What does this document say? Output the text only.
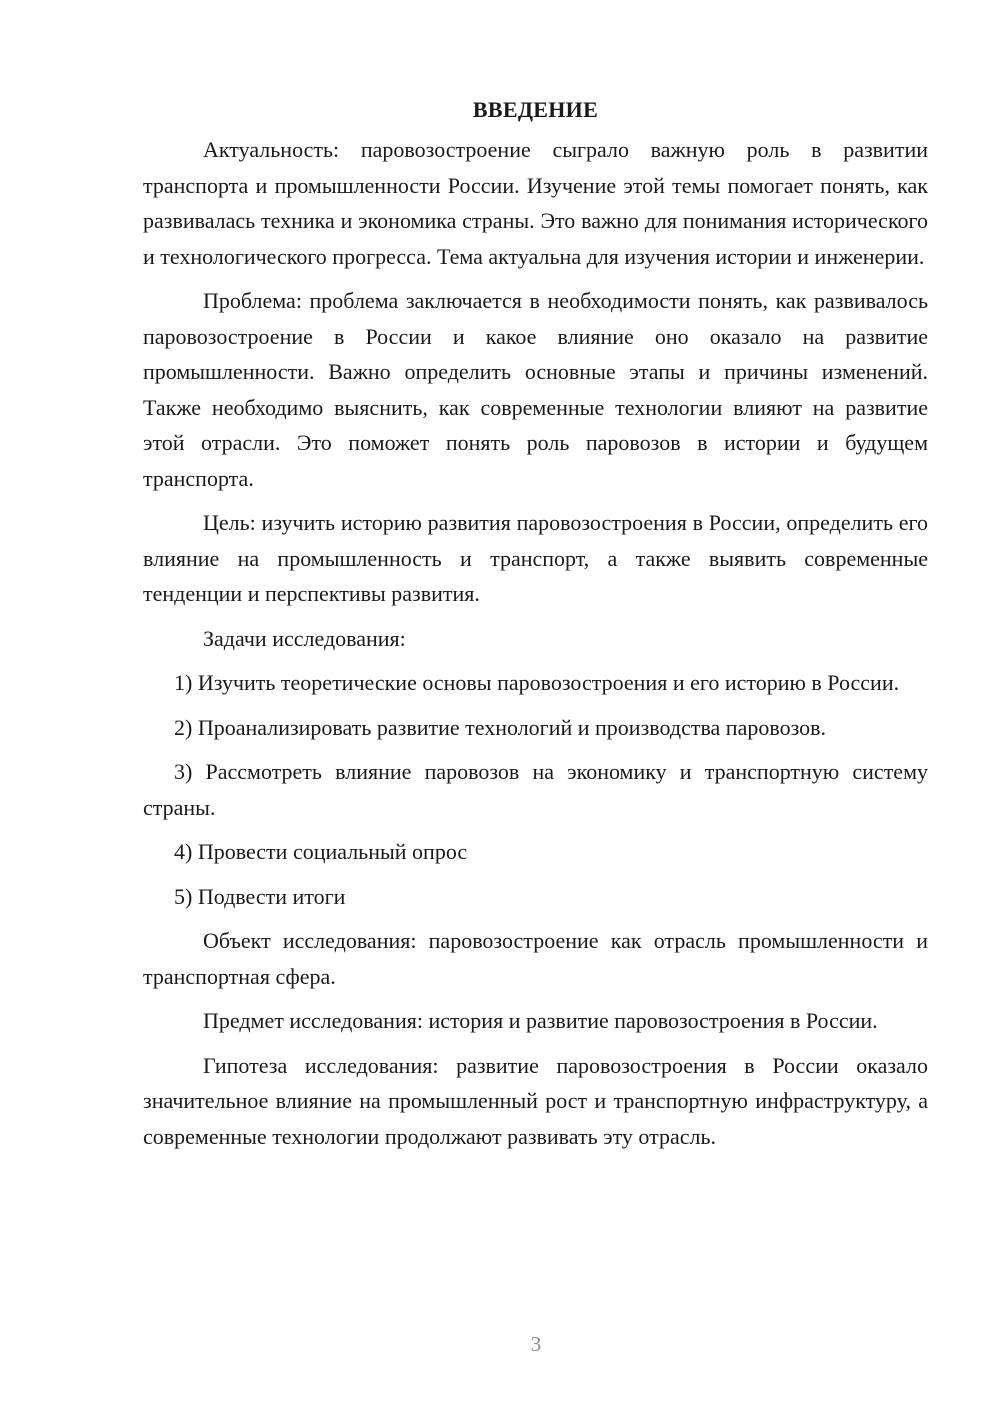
ВВЕДЕНИЕ

Актуальность: паровозостроение сыграло важную роль в развитии транспорта и промышленности России. Изучение этой темы помогает понять, как развивалась техника и экономика страны. Это важно для понимания исторического и технологического прогресса. Тема актуальна для изучения истории и инженерии.

Проблема: проблема заключается в необходимости понять, как развивалось паровозостроение в России и какое влияние оно оказало на развитие промышленности. Важно определить основные этапы и причины изменений. Также необходимо выяснить, как современные технологии влияют на развитие этой отрасли. Это поможет понять роль паровозов в истории и будущем транспорта.

Цель: изучить историю развития паровозостроения в России, определить его влияние на промышленность и транспорт, а также выявить современные тенденции и перспективы развития.

Задачи исследования:

1) Изучить теоретические основы паровозостроения и его историю в России.

2) Проанализировать развитие технологий и производства паровозов.

3) Рассмотреть влияние паровозов на экономику и транспортную систему страны.

4) Провести социальный опрос

5) Подвести итоги

Объект исследования: паровозостроение как отрасль промышленности и транспортная сфера.

Предмет исследования: история и развитие паровозостроения в России.

Гипотеза исследования: развитие паровозостроения в России оказало значительное влияние на промышленный рост и транспортную инфраструктуру, а современные технологии продолжают развивать эту отрасль.

3
